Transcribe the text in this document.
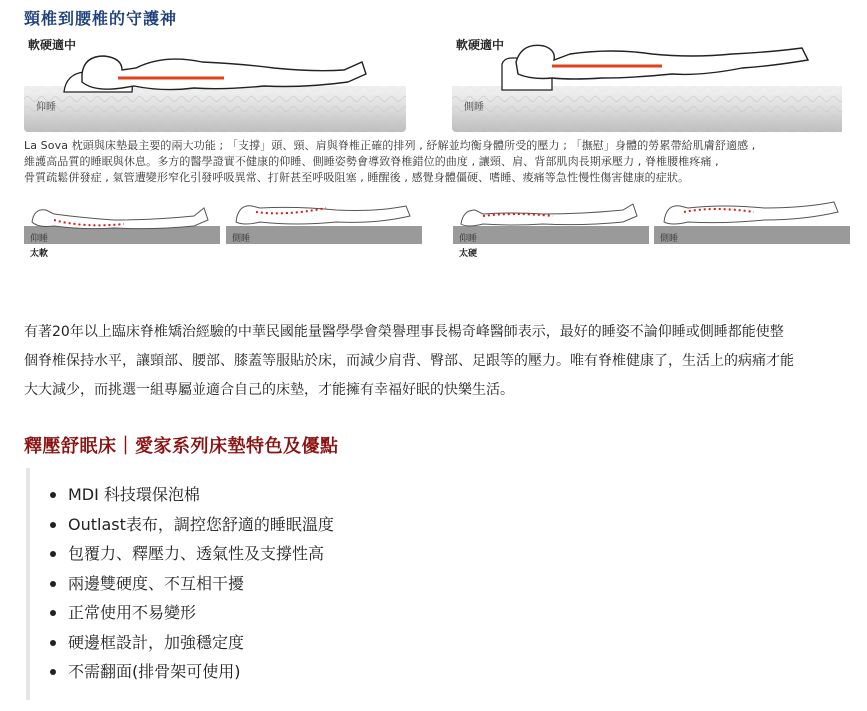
頸椎到腰椎的守護神
軟硬適中
仰睡
軟硬適中
側睡

La Sova 枕頭與床墊最主要的兩大功能 ; 「支撐」頭、頸、肩與脊椎正確的排列 , 紓解並均衡身體所受的壓力 ; 「撫慰」身體的勞累帶給肌膚舒適感 ,

維護高品質的睡眠與休息。多方的醫學證實不健康的仰睡、側睡姿勢會導致脊椎錯位的曲度 , 讓頸、肩、背部肌肉長期承壓力 , 脊椎腰椎疼痛 ,

骨質疏鬆併發症 , 氣管遭變形窄化引發呼吸異常、打鼾甚至呼吸阻塞 , 睡醒後 , 感覺身體僵硬、嗜睡、痠痛等急性慢性傷害健康的症狀。

仰睡
太軟
側睡	仰睡
太硬
側睡

有著20年以上臨床脊椎矯治經驗的中華民國能量醫學學會榮譽理事長楊奇峰醫師表示，最好的睡姿不論仰睡或側睡都能使整

個脊椎保持水平，讓頸部、腰部、膝蓋等服貼於床，而減少肩背、臀部、足跟等的壓力。唯有脊椎健康了，生活上的病痛才能

大大減少，而挑選一組專屬並適合自己的床墊，才能擁有幸福好眠的快樂生活。

釋壓舒眠床｜愛家系列床墊特色及優點
MDI 科技環保泡棉
Outlast表布，調控您舒適的睡眠溫度
包覆力、釋壓力、透氣性及支撐性高
兩邊雙硬度、不互相干擾
正常使用不易變形
硬邊框設計，加強穩定度
不需翻面(排骨架可使用)
